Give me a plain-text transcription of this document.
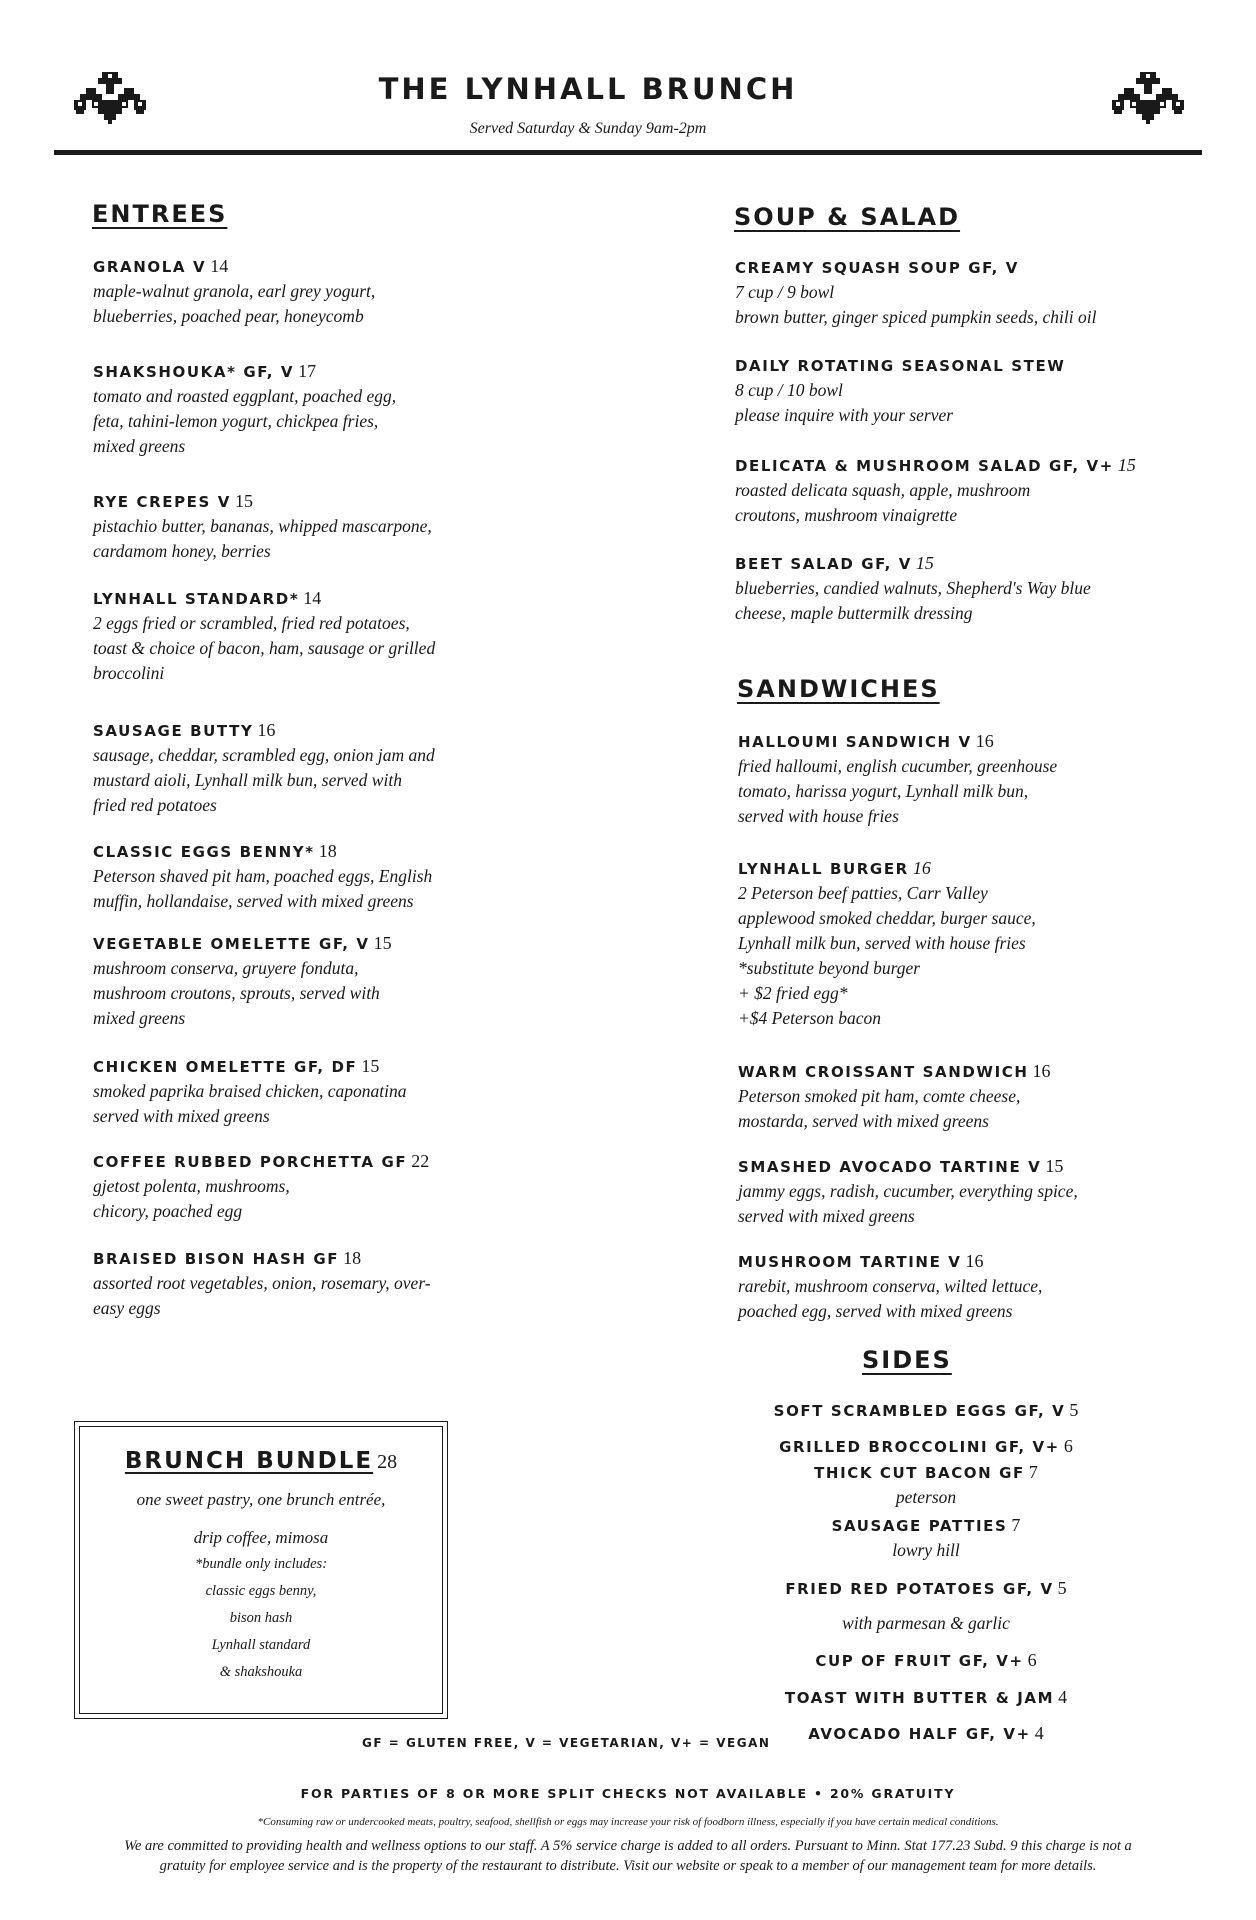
THE LYNHALL BRUNCH
Served Saturday & Sunday 9am-2pm
ENTREES	SOUP & SALAD
SANDWICHES
SIDES
GRANOLA V 14
maple-walnut granola, earl grey yogurt,
blueberries, poached pear, honeycomb
SHAKSHOUKA* GF, V 17
tomato and roasted eggplant, poached egg,
feta, tahini-lemon yogurt, chickpea fries,
mixed greens
RYE CREPES V 15
pistachio butter, bananas, whipped mascarpone,
cardamom honey, berries
LYNHALL STANDARD* 14
2 eggs fried or scrambled, fried red potatoes,
toast & choice of bacon, ham, sausage or grilled
broccolini
SAUSAGE BUTTY 16
sausage, cheddar, scrambled egg, onion jam and
mustard aioli, Lynhall milk bun, served with
fried red potatoes
CLASSIC EGGS BENNY* 18
Peterson shaved pit ham, poached eggs, English
muffin, hollandaise, served with mixed greens
VEGETABLE OMELETTE GF, V 15
mushroom conserva, gruyere fonduta,
mushroom croutons, sprouts, served with
mixed greens
CHICKEN OMELETTE GF, DF 15
smoked paprika braised chicken, caponatina
served with mixed greens
COFFEE RUBBED PORCHETTA GF 22
gjetost polenta, mushrooms,
chicory, poached egg
BRAISED BISON HASH GF 18
assorted root vegetables, onion, rosemary, over-
easy eggs
CREAMY SQUASH SOUP GF, V
7 cup / 9 bowl
brown butter, ginger spiced pumpkin seeds, chili oil
DAILY ROTATING SEASONAL STEW
8 cup / 10 bowl
please inquire with your server
DELICATA & MUSHROOM SALAD GF, V+ 15
roasted delicata squash, apple, mushroom
croutons, mushroom vinaigrette
BEET SALAD GF, V 15
blueberries, candied walnuts, Shepherd's Way blue
cheese, maple buttermilk dressing
HALLOUMI SANDWICH V 16
fried halloumi, english cucumber, greenhouse
tomato, harissa yogurt, Lynhall milk bun,
served with house fries
LYNHALL BURGER 16
2 Peterson beef patties, Carr Valley
applewood smoked cheddar, burger sauce,
Lynhall milk bun, served with house fries
*substitute beyond burger
+ $2 fried egg*
+$4 Peterson bacon
WARM CROISSANT SANDWICH 16
Peterson smoked pit ham, comte cheese,
mostarda, served with mixed greens
SMASHED AVOCADO TARTINE V 15
jammy eggs, radish, cucumber, everything spice,
served with mixed greens
MUSHROOM TARTINE V 16
rarebit, mushroom conserva, wilted lettuce,
poached egg, served with mixed greens
SOFT SCRAMBLED EGGS GF, V 5
GRILLED BROCCOLINI GF, V+ 6
THICK CUT BACON GF 7
peterson
SAUSAGE PATTIES 7
lowry hill
FRIED RED POTATOES GF, V 5
with parmesan & garlic
CUP OF FRUIT GF, V+ 6
TOAST WITH BUTTER & JAM 4
AVOCADO HALF GF, V+ 4
BRUNCH BUNDLE 28
one sweet pastry, one brunch entrée,
drip coffee, mimosa
*bundle only includes:
classic eggs benny,
bison hash
Lynhall standard
& shakshouka
GF = GLUTEN FREE, V = VEGETARIAN, V+ = VEGAN
FOR PARTIES OF 8 OR MORE SPLIT CHECKS NOT AVAILABLE • 20% GRATUITY
*Consuming raw or undercooked meats, poultry, seafood, shellfish or eggs may increase your risk of foodborn illness, especially if you have certain medical conditions.
We are committed to providing health and wellness options to our staff. A 5% service charge is added to all orders. Pursuant to Minn. Stat 177.23 Subd. 9 this charge is not a gratuity for employee service and is the property of the restaurant to distribute. Visit our website or speak to a member of our management team for more details.
